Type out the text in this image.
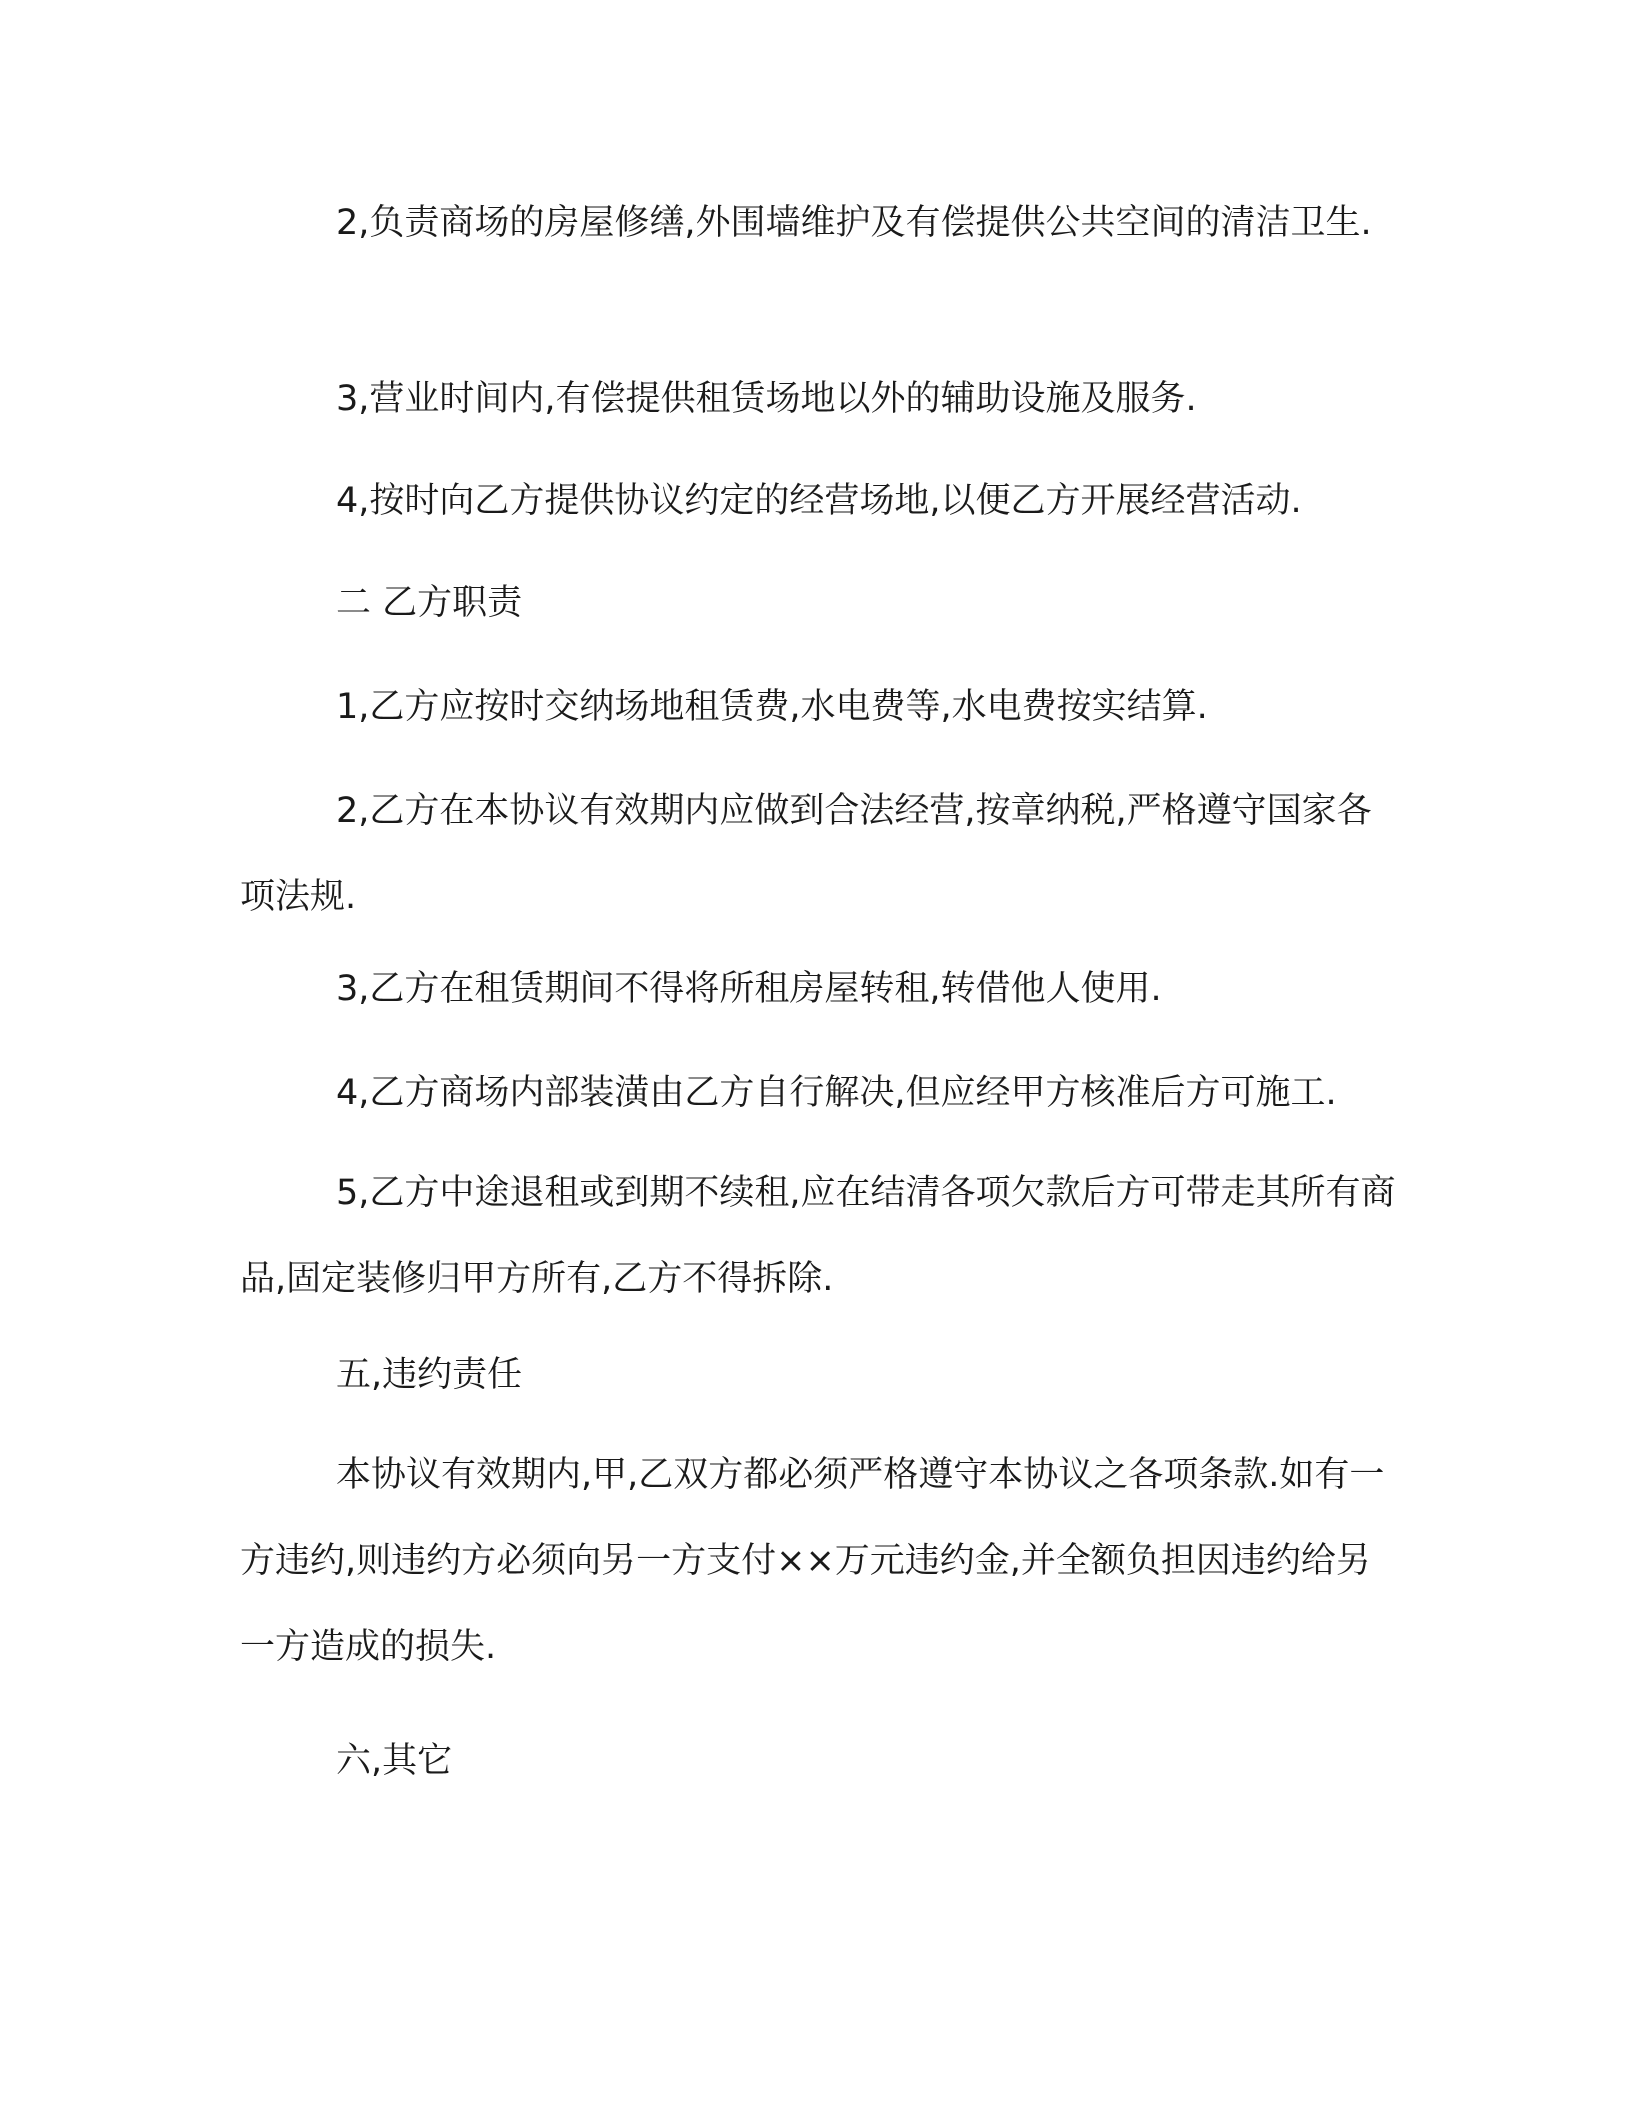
2,负责商场的房屋修缮,外围墙维护及有偿提供公共空间的清洁卫生.

3,营业时间内,有偿提供租赁场地以外的辅助设施及服务.

4,按时向乙方提供协议约定的经营场地,以便乙方开展经营活动.

二 乙方职责

1,乙方应按时交纳场地租赁费,水电费等,水电费按实结算.

2,乙方在本协议有效期内应做到合法经营,按章纳税,严格遵守国家各项法规.

3,乙方在租赁期间不得将所租房屋转租,转借他人使用.

4,乙方商场内部装潢由乙方自行解决,但应经甲方核准后方可施工.

5,乙方中途退租或到期不续租,应在结清各项欠款后方可带走其所有商品,固定装修归甲方所有,乙方不得拆除.

五,违约责任

本协议有效期内,甲,乙双方都必须严格遵守本协议之各项条款.如有一方违约,则违约方必须向另一方支付××万元违约金,并全额负担因违约给另一方造成的损失.

六,其它
